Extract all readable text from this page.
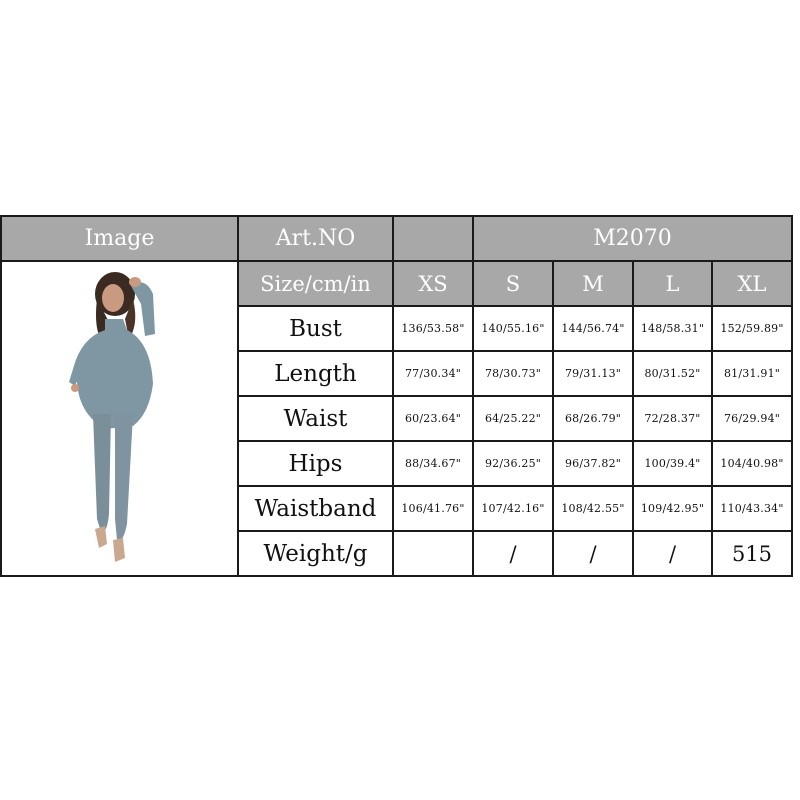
Image	Art.NO		M2070			

	Size/cm/in	XS	S	M	L	XL
	Bust	136/53.58"	140/55.16"	144/56.74"	148/58.31"	152/59.89"
	Length	77/30.34"	78/30.73"	79/31.13"	80/31.52"	81/31.91"
	Waist	60/23.64"	64/25.22"	68/26.79"	72/28.37"	76/29.94"
	Hips	88/34.67"	92/36.25"	96/37.82"	100/39.4"	104/40.98"
	Waistband	106/41.76"	107/42.16"	108/42.55"	109/42.95"	110/43.34"
	Weight/g		/	/	/	515
